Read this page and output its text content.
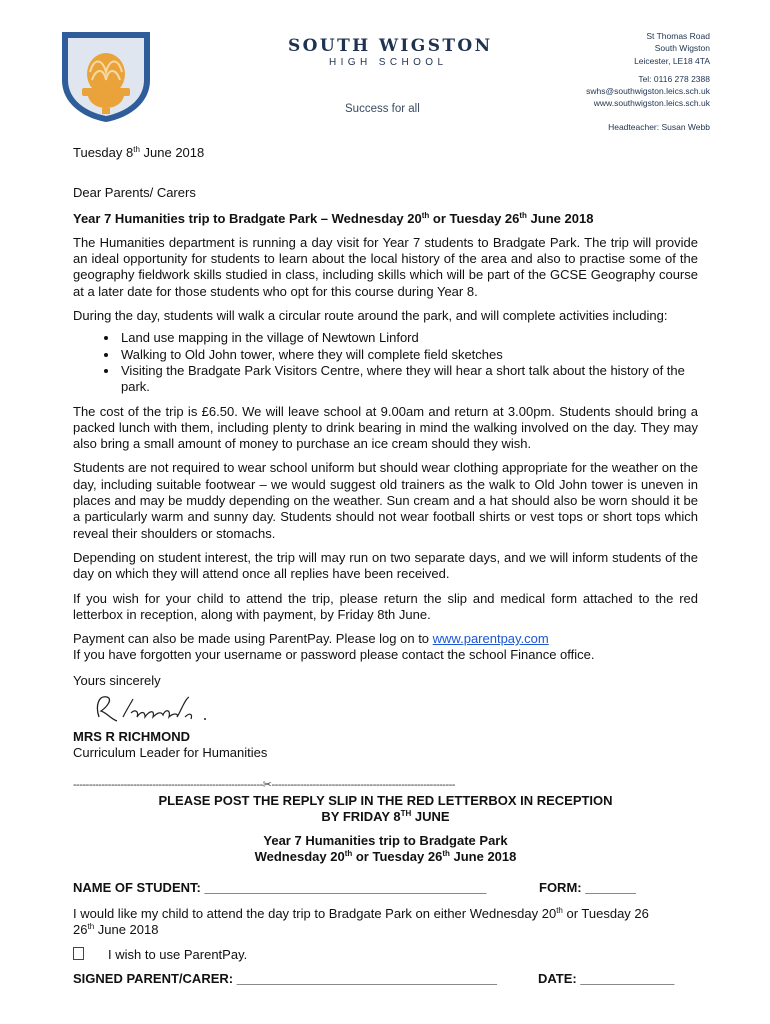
SOUTH WIGSTON
HIGH SCHOOL
Success for all
St Thomas Road
South Wigston
Leicester, LE18 4TA
Tel: 0116 278 2388
swhs@southwigston.leics.sch.uk
www.southwigston.leics.sch.uk
Headteacher: Susan Webb

Tuesday 8th June 2018

Dear Parents/ Carers

Year 7 Humanities trip to Bradgate Park – Wednesday 20th or Tuesday 26th June 2018

The Humanities department is running a day visit for Year 7 students to Bradgate Park. The trip will provide an ideal opportunity for students to learn about the local history of the area and also to practise some of the geography fieldwork skills studied in class, including skills which will be part of the GCSE Geography course at a later date for those students who opt for this course during Year 8.

During the day, students will walk a circular route around the park, and will complete activities including:

• Land use mapping in the village of Newtown Linford
• Walking to Old John tower, where they will complete field sketches
• Visiting the Bradgate Park Visitors Centre, where they will hear a short talk about the history of the park.

The cost of the trip is £6.50. We will leave school at 9.00am and return at 3.00pm. Students should bring a packed lunch with them, including plenty to drink bearing in mind the walking involved on the day. They may also bring a small amount of money to purchase an ice cream should they wish.

Students are not required to wear school uniform but should wear clothing appropriate for the weather on the day, including suitable footwear – we would suggest old trainers as the walk to Old John tower is uneven in places and may be muddy depending on the weather. Sun cream and a hat should also be worn should it be a particularly warm and sunny day. Students should not wear football shirts or vest tops or short tops which reveal their shoulders or stomachs.

Depending on student interest, the trip will may run on two separate days, and we will inform students of the day on which they will attend once all replies have been received.

If you wish for your child to attend the trip, please return the slip and medical form attached to the red letterbox in reception, along with payment, by Friday 8th June.

Payment can also be made using ParentPay. Please log on to www.parentpay.com
If you have forgotten your username or password please contact the school Finance office.

Yours sincerely

MRS R RICHMOND

Curriculum Leader for Humanities

------------------------------------------------------------✂----------------------------------------------------------
PLEASE POST THE REPLY SLIP IN THE RED LETTERBOX IN RECEPTION
BY FRIDAY 8TH JUNE
Year 7 Humanities trip to Bradgate Park
Wednesday 20th or Tuesday 26th June 2018
NAME OF STUDENT: _______________________________________	FORM: _______
I would like my child to attend the day trip to Bradgate Park on either Wednesday 20th or Tuesday 26
26th June 2018
I wish to use ParentPay.
SIGNED PARENT/CARER: ____________________________________	DATE: _____________
